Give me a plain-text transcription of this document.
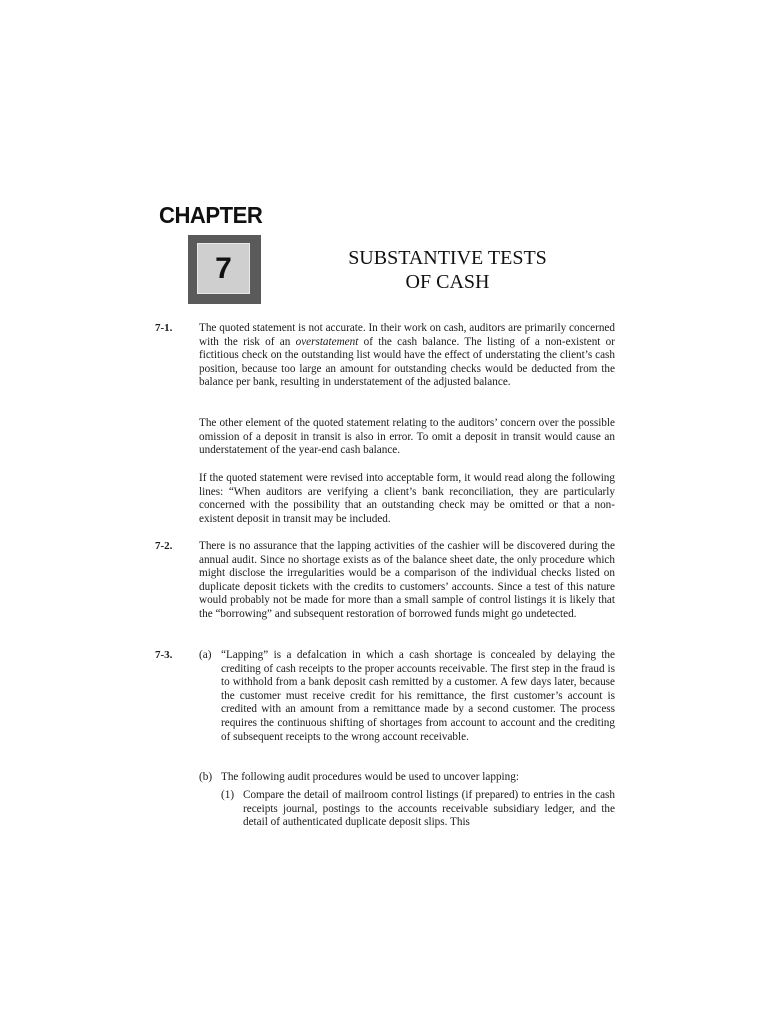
CHAPTER
7	SUBSTANTIVE TESTS
OF CASH
7-1. The quoted statement is not accurate. In their work on cash, auditors are primarily concerned with the risk of an overstatement of the cash balance. The listing of a non-existent or fictitious check on the outstanding list would have the effect of understating the client’s cash position, because too large an amount for outstanding checks would be deducted from the balance per bank, resulting in understatement of the adjusted balance.
The other element of the quoted statement relating to the auditors’ concern over the possible omission of a deposit in transit is also in error. To omit a deposit in transit would cause an understatement of the year-end cash balance.
If the quoted statement were revised into acceptable form, it would read along the following lines: “When auditors are verifying a client’s bank reconciliation, they are particularly concerned with the possibility that an outstanding check may be omitted or that a non-existent deposit in transit may be included.
7-2. There is no assurance that the lapping activities of the cashier will be discovered during the annual audit. Since no shortage exists as of the balance sheet date, the only procedure which might disclose the irregularities would be a comparison of the individual checks listed on duplicate deposit tickets with the credits to customers’ accounts. Since a test of this nature would probably not be made for more than a small sample of control listings it is likely that the “borrowing” and subsequent restoration of borrowed funds might go undetected.
7-3. (a) “Lapping” is a defalcation in which a cash shortage is concealed by delaying the crediting of cash receipts to the proper accounts receivable. The first step in the fraud is to withhold from a bank deposit cash remitted by a customer. A few days later, because the customer must receive credit for his remittance, the first customer’s account is credited with an amount from a remittance made by a second customer. The process requires the continuous shifting of shortages from account to account and the crediting of subsequent receipts to the wrong account receivable.
(b) The following audit procedures would be used to uncover lapping:
(1) Compare the detail of mailroom control listings (if prepared) to entries in the cash receipts journal, postings to the accounts receivable subsidiary ledger, and the detail of authenticated duplicate deposit slips. This
